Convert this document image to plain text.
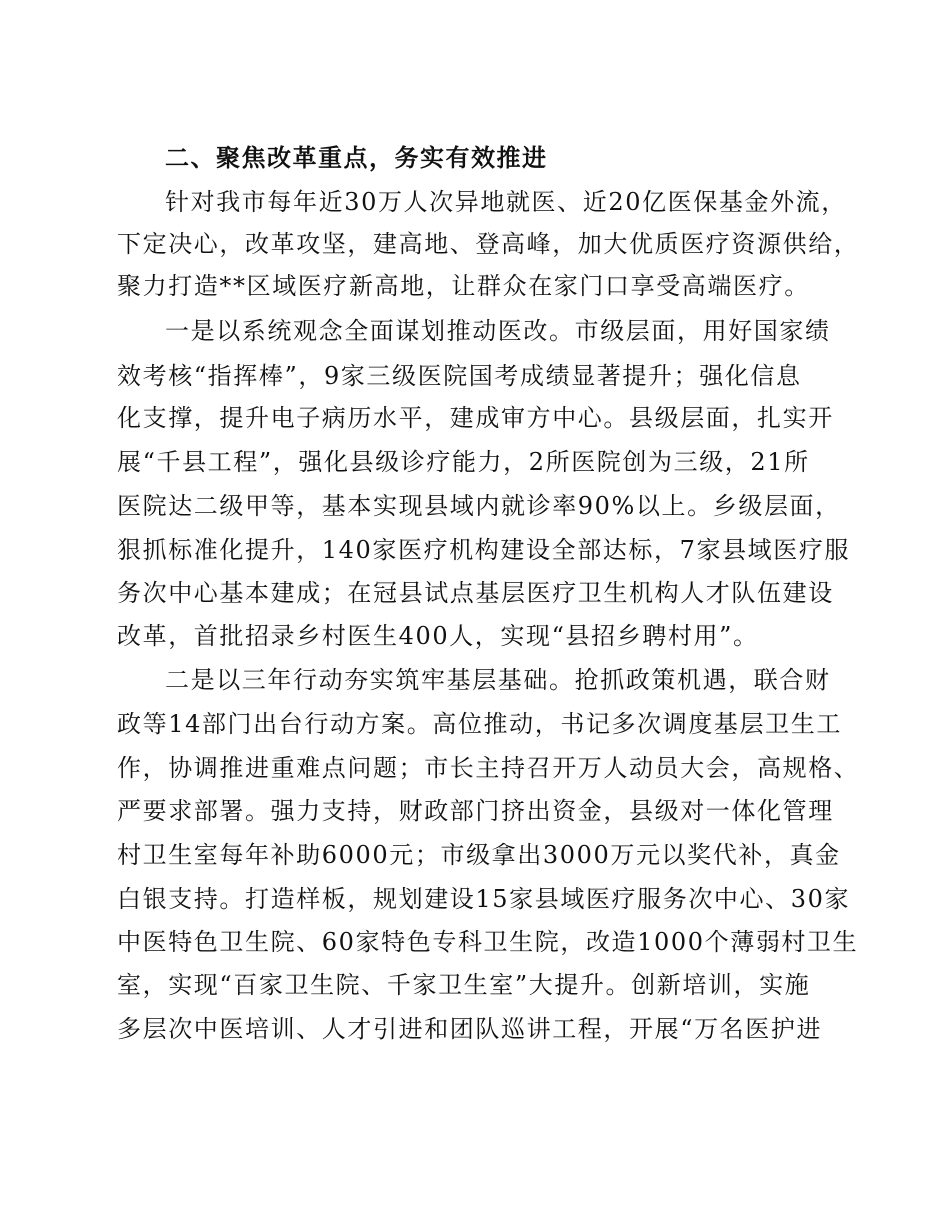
二、聚焦改革重点，务实有效推进
针对我市每年近30万人次异地就医、近20亿医保基金外流，
下定决心，改革攻坚，建高地、登高峰，加大优质医疗资源供给，
聚力打造**区域医疗新高地，让群众在家门口享受高端医疗。
一是以系统观念全面谋划推动医改。市级层面，用好国家绩
效考核“指挥棒”，9家三级医院国考成绩显著提升；强化信息
化支撑，提升电子病历水平，建成审方中心。县级层面，扎实开
展“千县工程”，强化县级诊疗能力，2所医院创为三级，21所
医院达二级甲等，基本实现县域内就诊率90%以上。乡级层面，
狠抓标准化提升，140家医疗机构建设全部达标，7家县域医疗服
务次中心基本建成；在冠县试点基层医疗卫生机构人才队伍建设
改革，首批招录乡村医生400人，实现“县招乡聘村用”。
二是以三年行动夯实筑牢基层基础。抢抓政策机遇，联合财
政等14部门出台行动方案。高位推动，书记多次调度基层卫生工
作，协调推进重难点问题；市长主持召开万人动员大会，高规格、
严要求部署。强力支持，财政部门挤出资金，县级对一体化管理
村卫生室每年补助6000元；市级拿出3000万元以奖代补，真金
白银支持。打造样板，规划建设15家县域医疗服务次中心、30家
中医特色卫生院、60家特色专科卫生院，改造1000个薄弱村卫生
室，实现“百家卫生院、千家卫生室”大提升。创新培训，实施
多层次中医培训、人才引进和团队巡讲工程，开展“万名医护进
